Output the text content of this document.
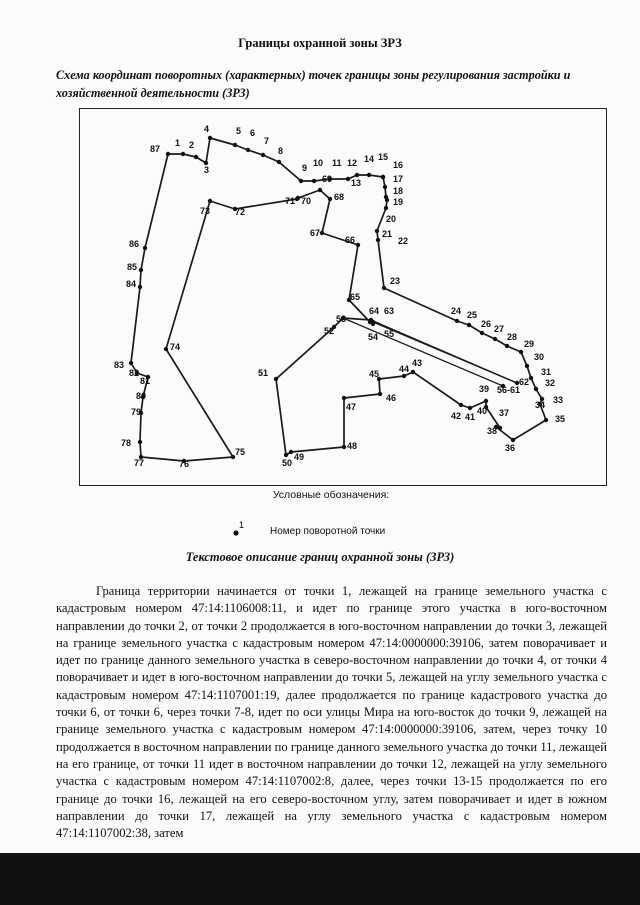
Границы охранной зоны ЗРЗ
Схема координат поворотных (характерных) точек границы зоны регулирования застройки и хозяйственной деятельности (ЗРЗ)
1 2
3
4	5 6
7
8
9 10 11 12
13
14 15
16
17
18
19
20
21
22
23
24 25
26 27
28
29
30
31
32
33
34
35
36
37
38
39
40
41
42
43
44
45
46
47
48
49
50
51
52
53
54 55
56-61
62
63
64
65
66
67
68
69
70
71
72
73
74
75
76
77
78
79
80
81
82
83
84
85
86
87
Условные обозначения:
1
Номер поворотной точки
Текстовое описание границ охранной зоны (ЗРЗ)
Граница территории начинается от точки 1, лежащей на границе земельного участка с кадастровым номером 47:14:1106008:11, и идет по границе этого участка в юго-восточном направлении до точки 2, от точки 2 продолжается в юго-восточном направлении до точки 3, лежащей на границе земельного участка с кадастровым номером 47:14:0000000:39106, затем поворачивает и идет по границе данного земельного участка в северо-восточном направлении до точки 4, от точки 4 поворачивает и идет в юго-восточном направлении до точки 5, лежащей на углу земельного участка с кадастровым номером 47:14:1107001:19, далее продолжается по границе кадастрового участка до точки 6, от точки 6, через точки 7-8, идет по оси улицы Мира на юго-восток до точки 9, лежащей на границе земельного участка с кадастровым номером 47:14:0000000:39106, затем, через точку 10 продолжается в восточном направлении по границе данного земельного участка до точки 11, лежащей на его границе, от точки 11 идет в восточном направлении до точки 12, лежащей на углу земельного участка с кадастровым номером 47:14:1107002:8, далее, через точки 13-15 продолжается по его границе до точки 16, лежащей на его северо-восточном углу, затем поворачивает и идет в южном направлении до точки 17, лежащей на углу земельного участка с кадастровым номером 47:14:1107002:38, затем
